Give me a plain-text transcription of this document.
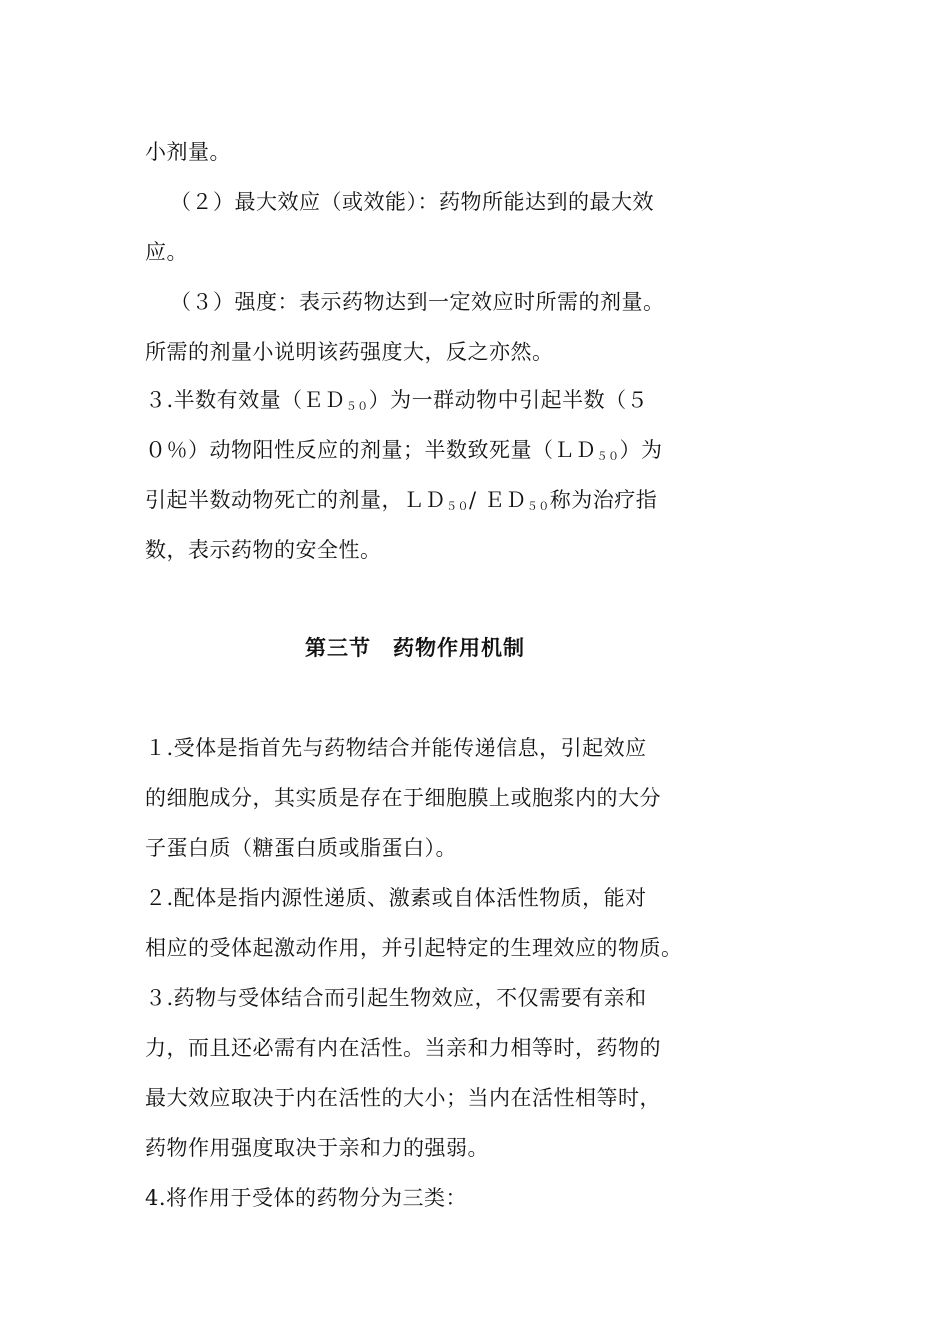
小剂量。
（２）最大效应（或效能）：药物所能达到的最大效
应。
（３）强度：表示药物达到一定效应时所需的剂量。
所需的剂量小说明该药强度大，反之亦然。
３.半数有效量（ＥＤ$_{50}$）为一群动物中引起半数（５
０％）动物阳性反应的剂量；半数致死量（ＬＤ$_{50}$）为
引起半数动物死亡的剂量，ＬＤ$_{50}$/ ＥＤ$_{50}$称为治疗指
数，表示药物的安全性。
第三节　药物作用机制
１.受体是指首先与药物结合并能传递信息，引起效应
的细胞成分，其实质是存在于细胞膜上或胞浆内的大分
子蛋白质（糖蛋白质或脂蛋白）。
２.配体是指内源性递质、激素或自体活性物质，能对
相应的受体起激动作用，并引起特定的生理效应的物质。
３.药物与受体结合而引起生物效应，不仅需要有亲和
力，而且还必需有内在活性。当亲和力相等时，药物的
最大效应取决于内在活性的大小；当内在活性相等时，
药物作用强度取决于亲和力的强弱。
4.将作用于受体的药物分为三类：
